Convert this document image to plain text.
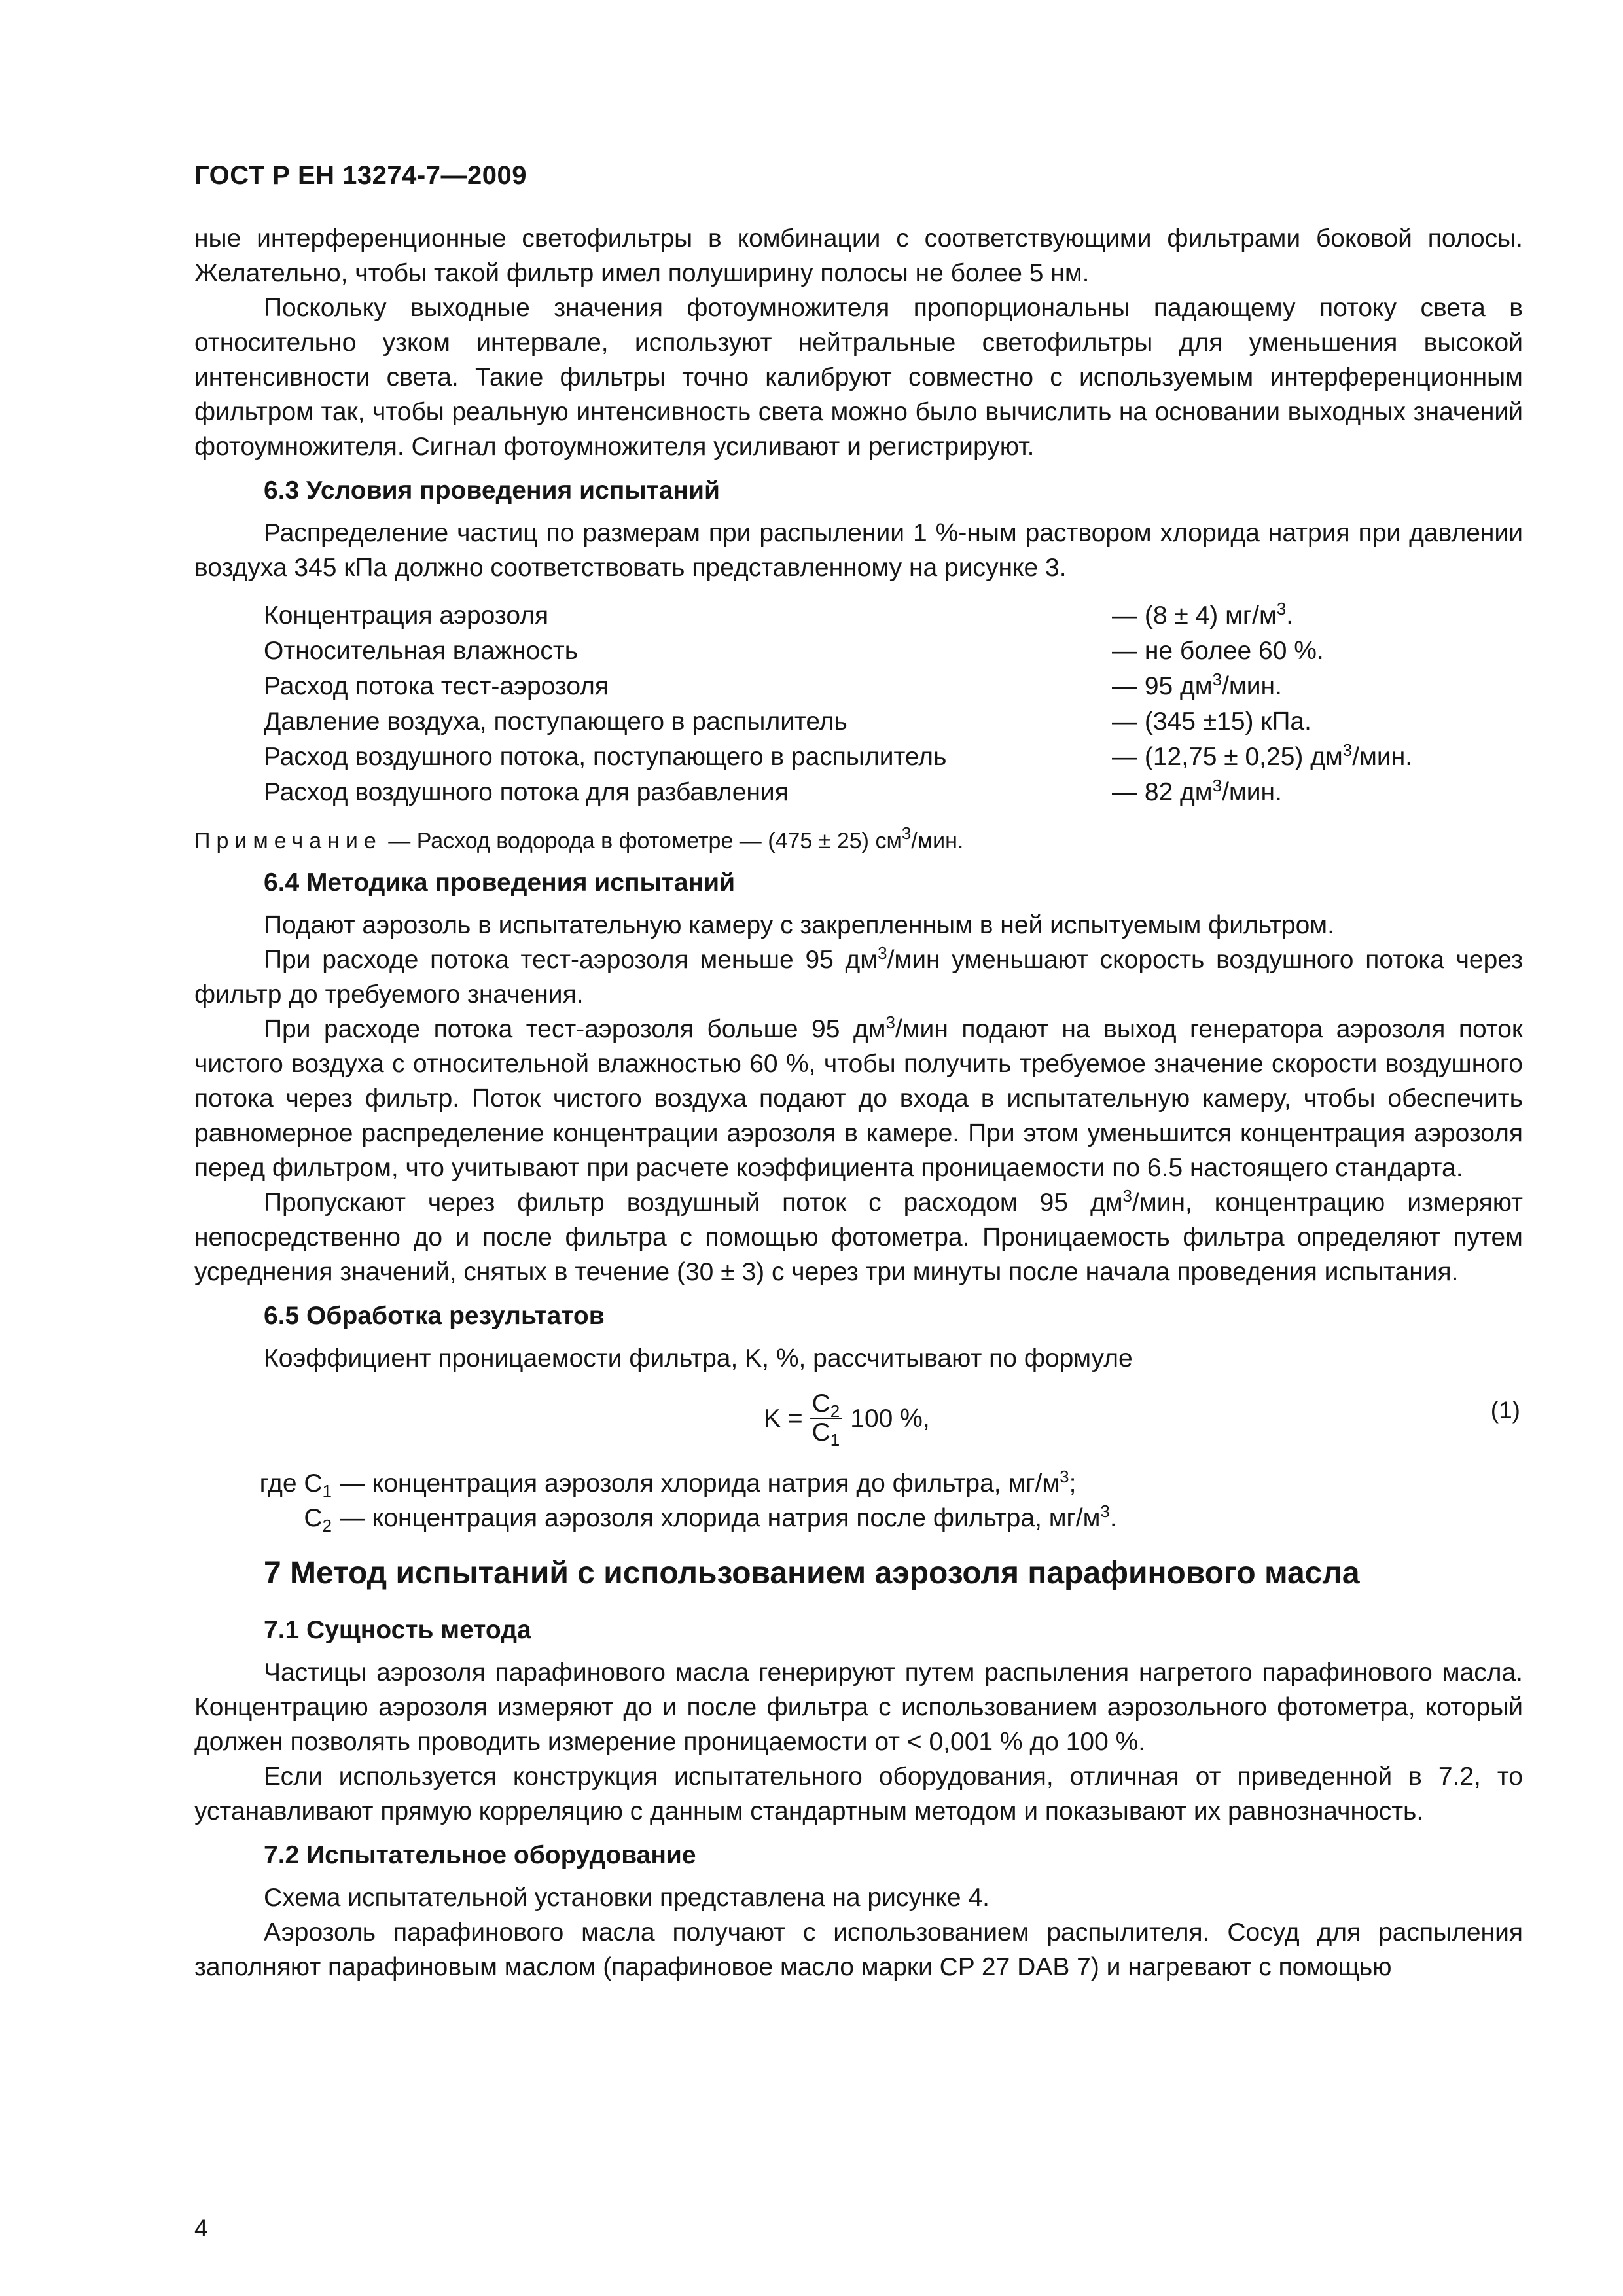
ГОСТ Р ЕН 13274-7—2009

ные интерференционные светофильтры в комбинации с соответствующими фильтрами боковой полосы. Желательно, чтобы такой фильтр имел полуширину полосы не более 5 нм.

Поскольку выходные значения фотоумножителя пропорциональны падающему потоку света в относительно узком интервале, используют нейтральные светофильтры для уменьшения высокой интенсивности света. Такие фильтры точно калибруют совместно с используемым интерференционным фильтром так, чтобы реальную интенсивность света можно было вычислить на основании выходных значений фотоумножителя. Сигнал фотоумножителя усиливают и регистрируют.

6.3 Условия проведения испытаний

Распределение частиц по размерам при распылении 1 %-ным раствором хлорида натрия при давлении воздуха 345 кПа должно соответствовать представленному на рисунке 3.

Концентрация аэрозоля	— (8 ± 4) $мг/м^3$.
Относительная влажность	— не более 60 %.
Расход потока тест-аэрозоля	— 95 $дм^3$/мин.
Давление воздуха, поступающего в распылитель	— (345 ±15) кПа.
Расход воздушного потока, поступающего в распылитель	— (12,75 ± 0,25) $дм^3$/мин.
Расход воздушного потока для разбавления	— 82 $дм^3$/мин.
Примечание — Расход водорода в фотометре — (475 ± 25) $см^3$/мин.
6.4 Методика проведения испытаний

Подают аэрозоль в испытательную камеру с закрепленным в ней испытуемым фильтром.

При расходе потока тест-аэрозоля меньше 95 $дм^3$/мин уменьшают скорость воздушного потока через фильтр до требуемого значения.

При расходе потока тест-аэрозоля больше 95 $дм^3$/мин подают на выход генератора аэрозоля поток чистого воздуха с относительной влажностью 60 %, чтобы получить требуемое значение скорости воздушного потока через фильтр. Поток чистого воздуха подают до входа в испытательную камеру, чтобы обеспечить равномерное распределение концентрации аэрозоля в камере. При этом уменьшится концентрация аэрозоля перед фильтром, что учитывают при расчете коэффициента проницаемости по 6.5 настоящего стандарта.

Пропускают через фильтр воздушный поток с расходом 95 $дм^3$/мин, концентрацию измеряют непосредственно до и после фильтра с помощью фотометра. Проницаемость фильтра определяют путем усреднения значений, снятых в течение (30 ± 3) с через три минуты после начала проведения испытания.

6.5 Обработка результатов

Коэффициент проницаемости фильтра, K, %, рассчитывают по формуле

$K = \frac{C_2}{C_1} 100$ %,	(1)
где $C_1$ — концентрация аэрозоля хлорида натрия до фильтра, $мг/м^3$;
$C_2$ — концентрация аэрозоля хлорида натрия после фильтра, $мг/м^3$.
7 Метод испытаний с использованием аэрозоля парафинового масла
7.1 Сущность метода

Частицы аэрозоля парафинового масла генерируют путем распыления нагретого парафинового масла. Концентрацию аэрозоля измеряют до и после фильтра с использованием аэрозольного фотометра, который должен позволять проводить измерение проницаемости от < 0,001 % до 100 %.

Если используется конструкция испытательного оборудования, отличная от приведенной в 7.2, то устанавливают прямую корреляцию с данным стандартным методом и показывают их равнозначность.

7.2 Испытательное оборудование

Схема испытательной установки представлена на рисунке 4.

Аэрозоль парафинового масла получают с использованием распылителя. Сосуд для распыления заполняют парафиновым маслом (парафиновое масло марки CP 27 DAB 7) и нагревают с помощью

4
